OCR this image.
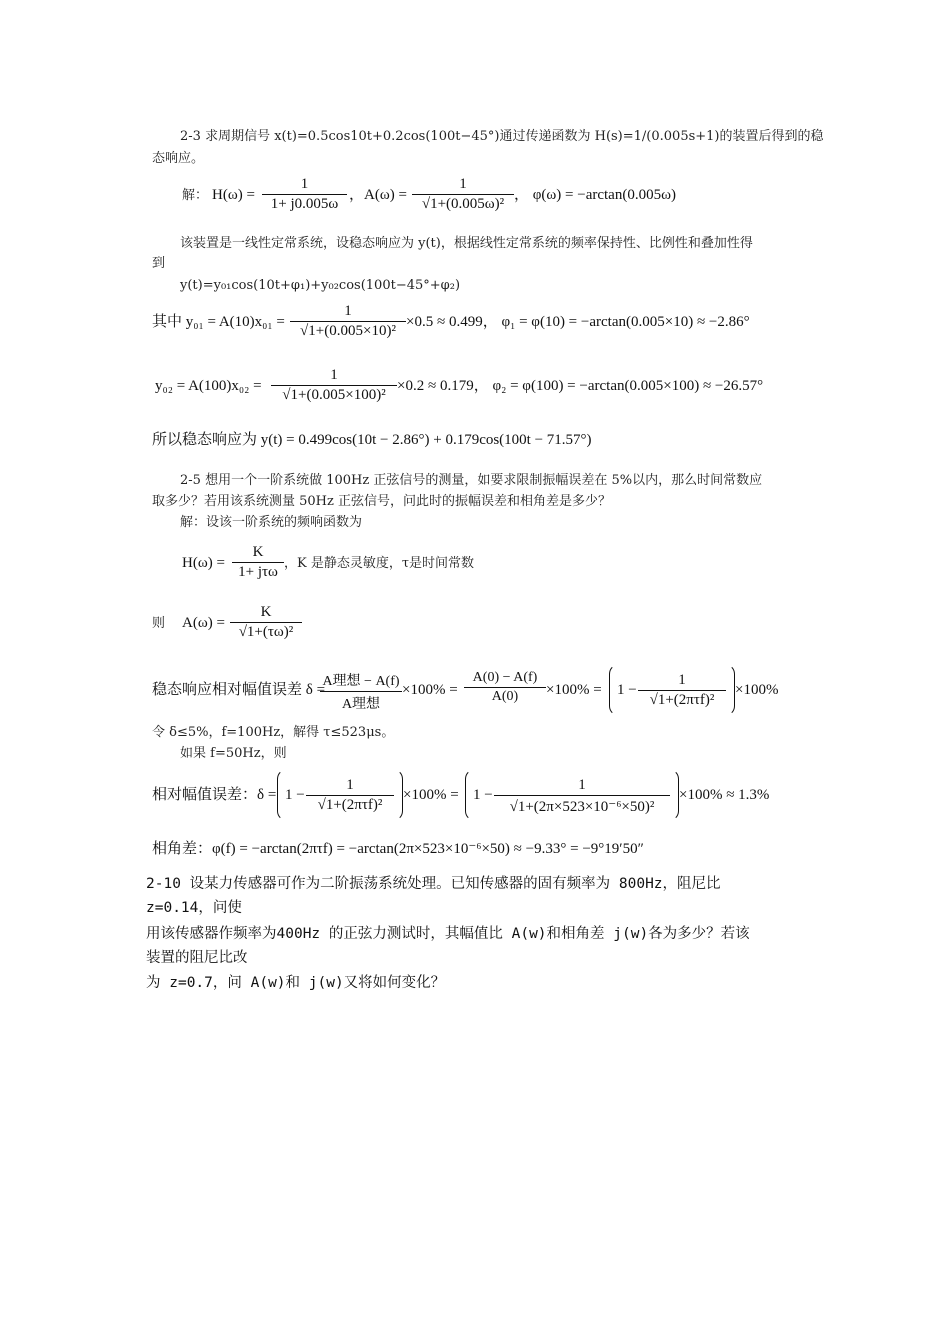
2-3 求周期信号 x(t)=0.5cos10t+0.2cos(100t−45°)通过传递函数为 H(s)=1/(0.005s+1)的装置后得到的稳
态响应。
解： $H(\omega) = \frac{1}{1+ j0.005\omega}$ ， $A(\omega) = \frac{1}{\text{√1+(0.005ω)²}}$ ， φ(ω) = −arctan(0.005ω)
该装置是一线性定常系统，设稳态响应为 y(t)，根据线性定常系统的频率保持性、比例性和叠加性得
到
y(t)=y₀₁cos(10t+φ₁)+y₀₂cos(100t−45°+φ₂)
其中 $y_{01} = A(10)x_{01} = \frac{1}{\text{√1+(0.005×10)²}} \times 0.5 \approx 0.499$， φ₁ = φ(10) = −arctan(0.005×10) ≈ −2.86°
$y_{02} = A(100)x_{02} = \frac{1}{\text{√1+(0.005×100)²}} \times 0.2 \approx 0.179$， φ₂ = φ(100) = −arctan(0.005×100) ≈ −26.57°
所以稳态响应为 y(t) = 0.499cos(10t − 2.86°) + 0.179cos(100t − 71.57°)
2-5 想用一个一阶系统做 100Hz 正弦信号的测量，如要求限制振幅误差在 5%以内，那么时间常数应
取多少？若用该系统测量 50Hz 正弦信号，问此时的振幅误差和相角差是多少？
解：设该一阶系统的频响函数为
H(ω) =
K
1+ jτω
，K 是静态灵敏度，τ是时间常数
则 $A(\omega) = \frac{K}{\text{√1+(τω)²}}$
稳态响应相对幅值误差 δ =
A理想 − A(f)
A理想
$\times 100\% = \frac{A(0) - A(f)}{A(0)} \times 100\% = 1$ −
1
√1+(2πτf)²
×100%
令 δ≤5%，f=100Hz，解得 τ≤523μs。
如果 f=50Hz，则
相对幅值误差：δ = 1 −
1
√1+(2πτf)²
$\times 100\% = 1 - \frac{1}{\text{√1+(2π×523×10⁻⁶×50)²}} \times 100\% \approx 1.3\%$
相角差：φ(f) = −arctan(2πτf) = −arctan(2π×523×10⁻⁶×50) ≈ −9.33° = −9°19′50″
2-10 设某力传感器可作为二阶振荡系统处理。已知传感器的固有频率为 800Hz，阻尼比
z=0.14，问使
用该传感器作频率为400Hz 的正弦力测试时，其幅值比 A(w)和相角差 j(w)各为多少？若该
装置的阻尼比改
为 z=0.7，问 A(w)和 j(w)又将如何变化？
